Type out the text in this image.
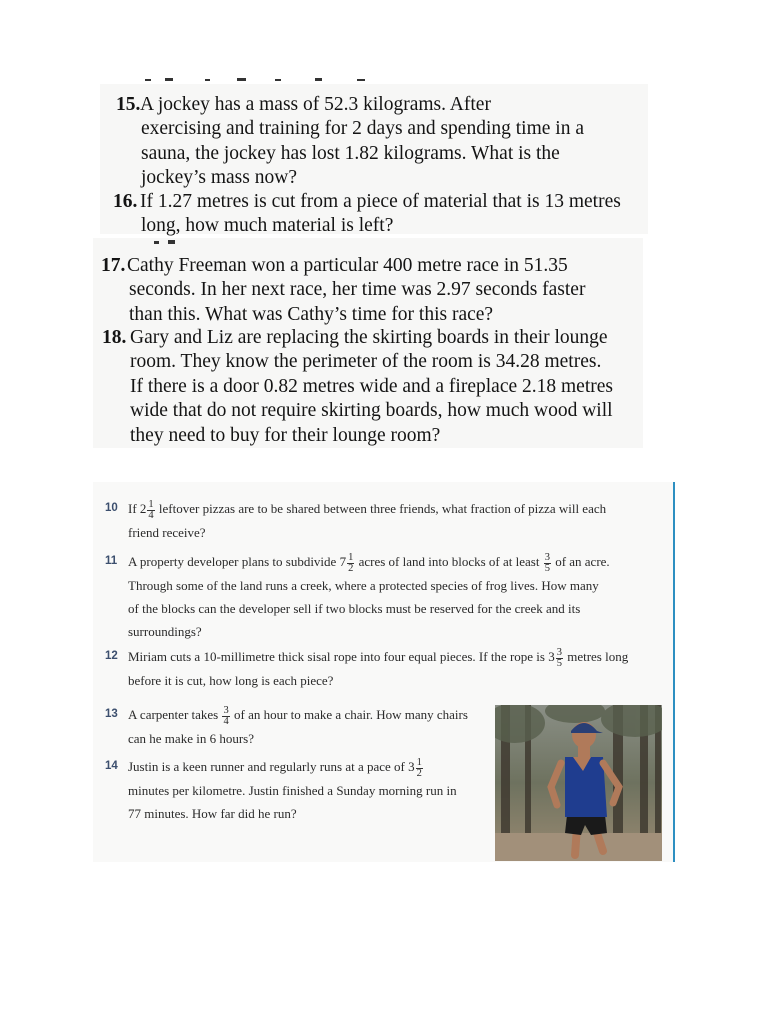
15. A jockey has a mass of 52.3 kilograms. After
exercising and training for 2 days and spending time in a
sauna, the jockey has lost 1.82 kilograms. What is the
jockey’s mass now?
16. If 1.27 metres is cut from a piece of material that is 13 metres
long, how much material is left?
17. Cathy Freeman won a particular 400 metre race in 51.35
seconds. In her next race, her time was 2.97 seconds faster
than this. What was Cathy’s time for this race?
18. Gary and Liz are replacing the skirting boards in their lounge
room. They know the perimeter of the room is 34.28 metres.
If there is a door 0.82 metres wide and a fireplace 2.18 metres
wide that do not require skirting boards, how much wood will
they need to buy for their lounge room?
10 If $2 \frac{1}{4}$ leftover pizzas are to be shared between three friends, what fraction of pizza will each
friend receive?
11 A property developer plans to subdivide $7 \frac{1}{2}$ acres of land into blocks of at least $\frac{3}{5}$ of an acre.
Through some of the land runs a creek, where a protected species of frog lives. How many
of the blocks can the developer sell if two blocks must be reserved for the creek and its
surroundings?
12 Miriam cuts a 10-millimetre thick sisal rope into four equal pieces. If the rope is $3 \frac{3}{5}$ metres long
before it is cut, how long is each piece?
13 A carpenter takes $\frac{3}{4}$ of an hour to make a chair. How many chairs
can he make in 6 hours?
14 Justin is a keen runner and regularly runs at a pace of $3 \frac{1}{2}$
minutes per kilometre. Justin finished a Sunday morning run in
77 minutes. How far did he run?
